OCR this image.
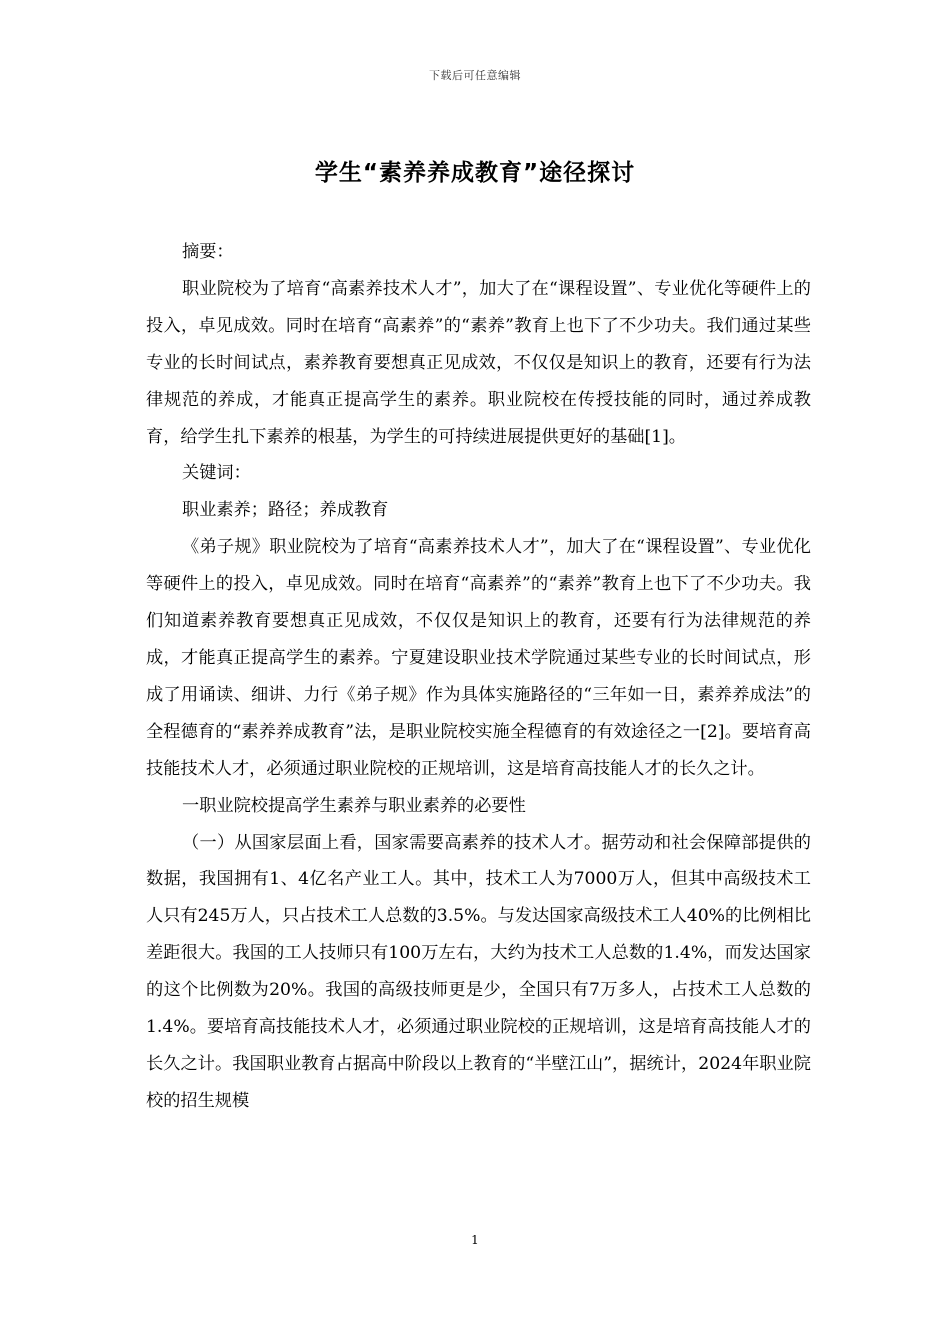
下载后可任意编辑
学生“素养养成教育”途径探讨

摘要：

职业院校为了培育“高素养技术人才”，加大了在“课程设置”、专业优化等硬件上的投入，卓见成效。同时在培育“高素养”的“素养”教育上也下了不少功夫。我们通过某些专业的长时间试点，素养教育要想真正见成效，不仅仅是知识上的教育，还要有行为法律规范的养成，才能真正提高学生的素养。职业院校在传授技能的同时，通过养成教育，给学生扎下素养的根基，为学生的可持续进展提供更好的基础[1]。

关键词：

职业素养；路径；养成教育

《弟子规》职业院校为了培育“高素养技术人才”，加大了在“课程设置”、专业优化等硬件上的投入，卓见成效。同时在培育“高素养”的“素养”教育上也下了不少功夫。我们知道素养教育要想真正见成效，不仅仅是知识上的教育，还要有行为法律规范的养成，才能真正提高学生的素养。宁夏建设职业技术学院通过某些专业的长时间试点，形成了用诵读、细讲、力行《弟子规》作为具体实施路径的“三年如一日，素养养成法”的全程德育的“素养养成教育”法，是职业院校实施全程德育的有效途径之一[2]。要培育高技能技术人才，必须通过职业院校的正规培训，这是培育高技能人才的长久之计。

一职业院校提高学生素养与职业素养的必要性

（一）从国家层面上看，国家需要高素养的技术人才。据劳动和社会保障部提供的数据，我国拥有1、4亿名产业工人。其中，技术工人为7000万人，但其中高级技术工人只有245万人，只占技术工人总数的3.5%。与发达国家高级技术工人40%的比例相比差距很大。我国的工人技师只有100万左右，大约为技术工人总数的1.4%，而发达国家的这个比例数为20%。我国的高级技师更是少，全国只有7万多人，占技术工人总数的1.4%。要培育高技能技术人才，必须通过职业院校的正规培训，这是培育高技能人才的长久之计。我国职业教育占据高中阶段以上教育的“半壁江山”，据统计，2024年职业院校的招生规模

1
